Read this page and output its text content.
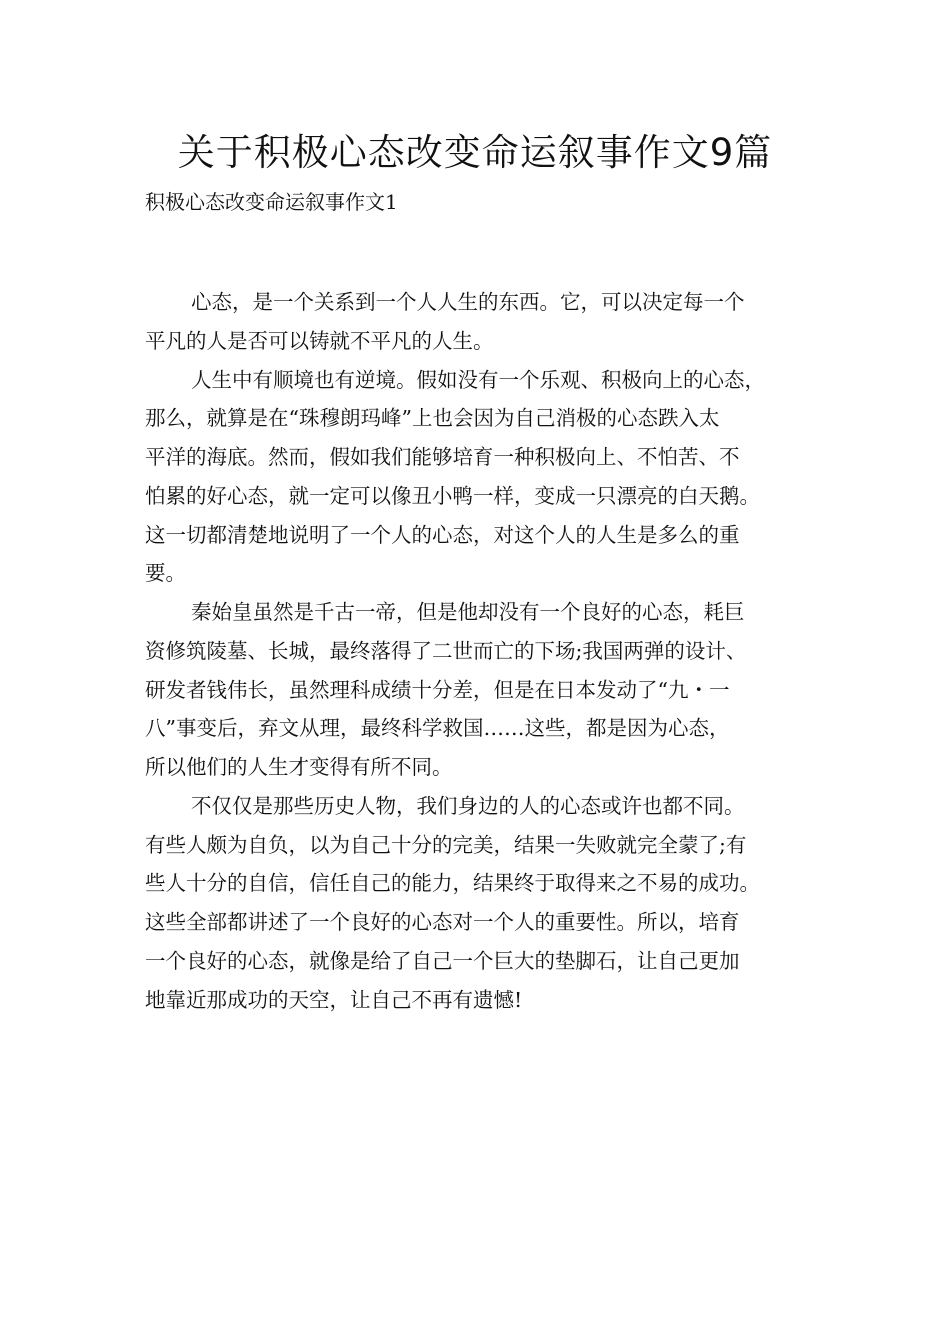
关于积极心态改变命运叙事作文9篇

积极心态改变命运叙事作文1

心态，是一个关系到一个人人生的东西。它，可以决定每一个
平凡的人是否可以铸就不平凡的人生。
人生中有顺境也有逆境。假如没有一个乐观、积极向上的心态，
那么，就算是在“珠穆朗玛峰”上也会因为自己消极的心态跌入太
平洋的海底。然而，假如我们能够培育一种积极向上、不怕苦、不
怕累的好心态，就一定可以像丑小鸭一样，变成一只漂亮的白天鹅。
这一切都清楚地说明了一个人的心态，对这个人的人生是多么的重
要。
秦始皇虽然是千古一帝，但是他却没有一个良好的心态，耗巨
资修筑陵墓、长城，最终落得了二世而亡的下场;我国两弹的设计、
研发者钱伟长，虽然理科成绩十分差，但是在日本发动了“九・一
八”事变后，弃文从理，最终科学救国……这些，都是因为心态，
所以他们的人生才变得有所不同。
不仅仅是那些历史人物，我们身边的人的心态或许也都不同。
有些人颇为自负，以为自己十分的完美，结果一失败就完全蒙了;有
些人十分的自信，信任自己的能力，结果终于取得来之不易的成功。
这些全部都讲述了一个良好的心态对一个人的重要性。所以，培育
一个良好的心态，就像是给了自己一个巨大的垫脚石，让自己更加
地靠近那成功的天空，让自己不再有遗憾!
